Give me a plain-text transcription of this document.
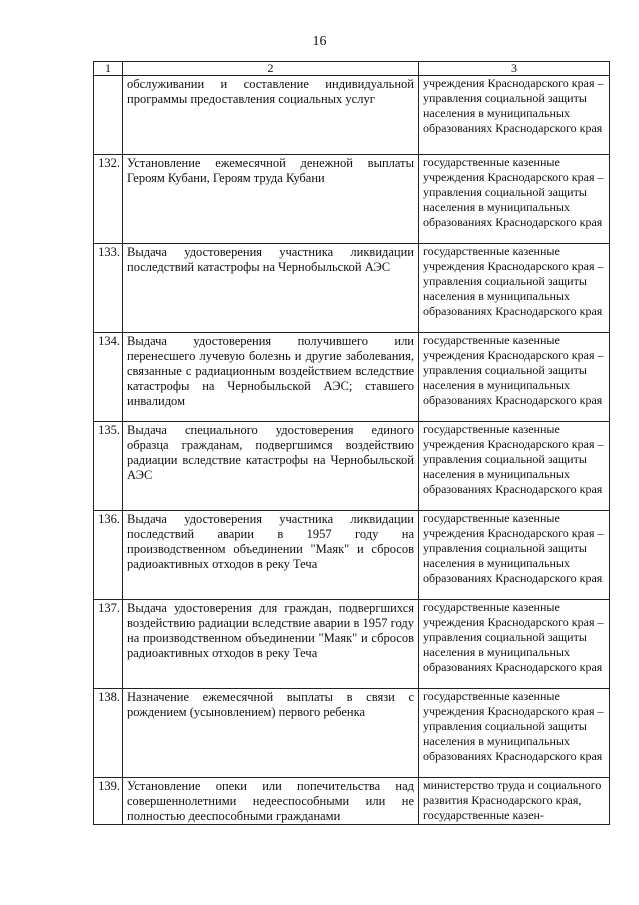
16
1	2	3
	обслуживании и составление индивидуальной программы предоставления социальных услуг	учреждения Краснодарского края – управления социальной защиты населения в муниципальных образованиях Краснодарского края
132.	Установление ежемесячной денежной выплаты Героям Кубани, Героям труда Кубани	государственные казенные учреждения Краснодарского края – управления социальной защиты населения в муниципальных образованиях Краснодарского края
133.	Выдача удостоверения участника ликвидации последствий катастрофы на Чернобыльской АЭС	государственные казенные учреждения Краснодарского края – управления социальной защиты населения в муниципальных образованиях Краснодарского края
134.	Выдача удостоверения получившего или перенесшего лучевую болезнь и другие заболевания, связанные с радиационным воздействием вследствие катастрофы на Чернобыльской АЭС; ставшего инвалидом	государственные казенные учреждения Краснодарского края – управления социальной защиты населения в муниципальных образованиях Краснодарского края
135.	Выдача специального удостоверения единого образца гражданам, подвергшимся воздействию радиации вследствие катастрофы на Чернобыльской АЭС	государственные казенные учреждения Краснодарского края – управления социальной защиты населения в муниципальных образованиях Краснодарского края
136.	Выдача удостоверения участника ликвидации последствий аварии в 1957 году на производственном объединении "Маяк" и сбросов радиоактивных отходов в реку Теча	государственные казенные учреждения Краснодарского края – управления социальной защиты населения в муниципальных образованиях Краснодарского края
137.	Выдача удостоверения для граждан, подвергшихся воздействию радиации вследствие аварии в 1957 году на производственном объединении "Маяк" и сбросов радиоактивных отходов в реку Теча	государственные казенные учреждения Краснодарского края – управления социальной защиты населения в муниципальных образованиях Краснодарского края
138.	Назначение ежемесячной выплаты в связи с рождением (усыновлением) первого ребенка	государственные казенные учреждения Краснодарского края – управления социальной защиты населения в муниципальных образованиях Краснодарского края
139.	Установление опеки или попечительства над совершеннолетними недееспособными или не полностью дееспособными гражданами	министерство труда и социального развития Краснодарского края, государственные казен-
